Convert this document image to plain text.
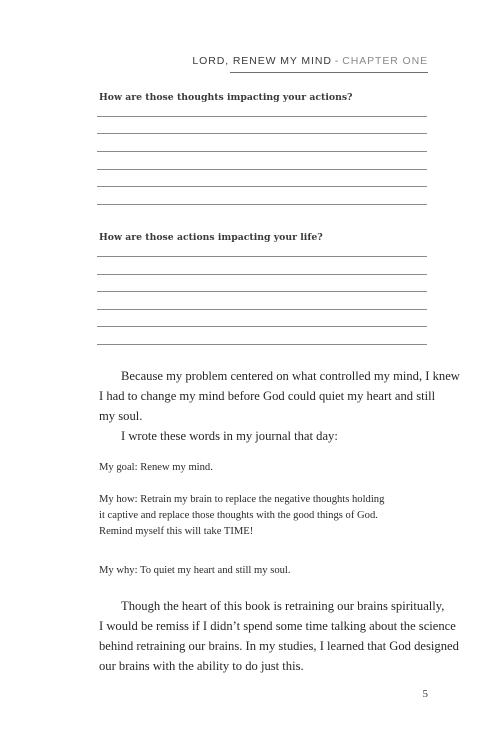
LORD, RENEW MY MIND - CHAPTER ONE
How are those thoughts impacting your actions?
How are those actions impacting your life?
Because my problem centered on what controlled my mind, I knew
I had to change my mind before God could quiet my heart and still
my soul.
I wrote these words in my journal that day:
My goal: Renew my mind.
My how: Retrain my brain to replace the negative thoughts holding
it captive and replace those thoughts with the good things of God.
Remind myself this will take TIME!
My why: To quiet my heart and still my soul.
Though the heart of this book is retraining our brains spiritually,
I would be remiss if I didn’t spend some time talking about the science
behind retraining our brains. In my studies, I learned that God designed
our brains with the ability to do just this.
5
